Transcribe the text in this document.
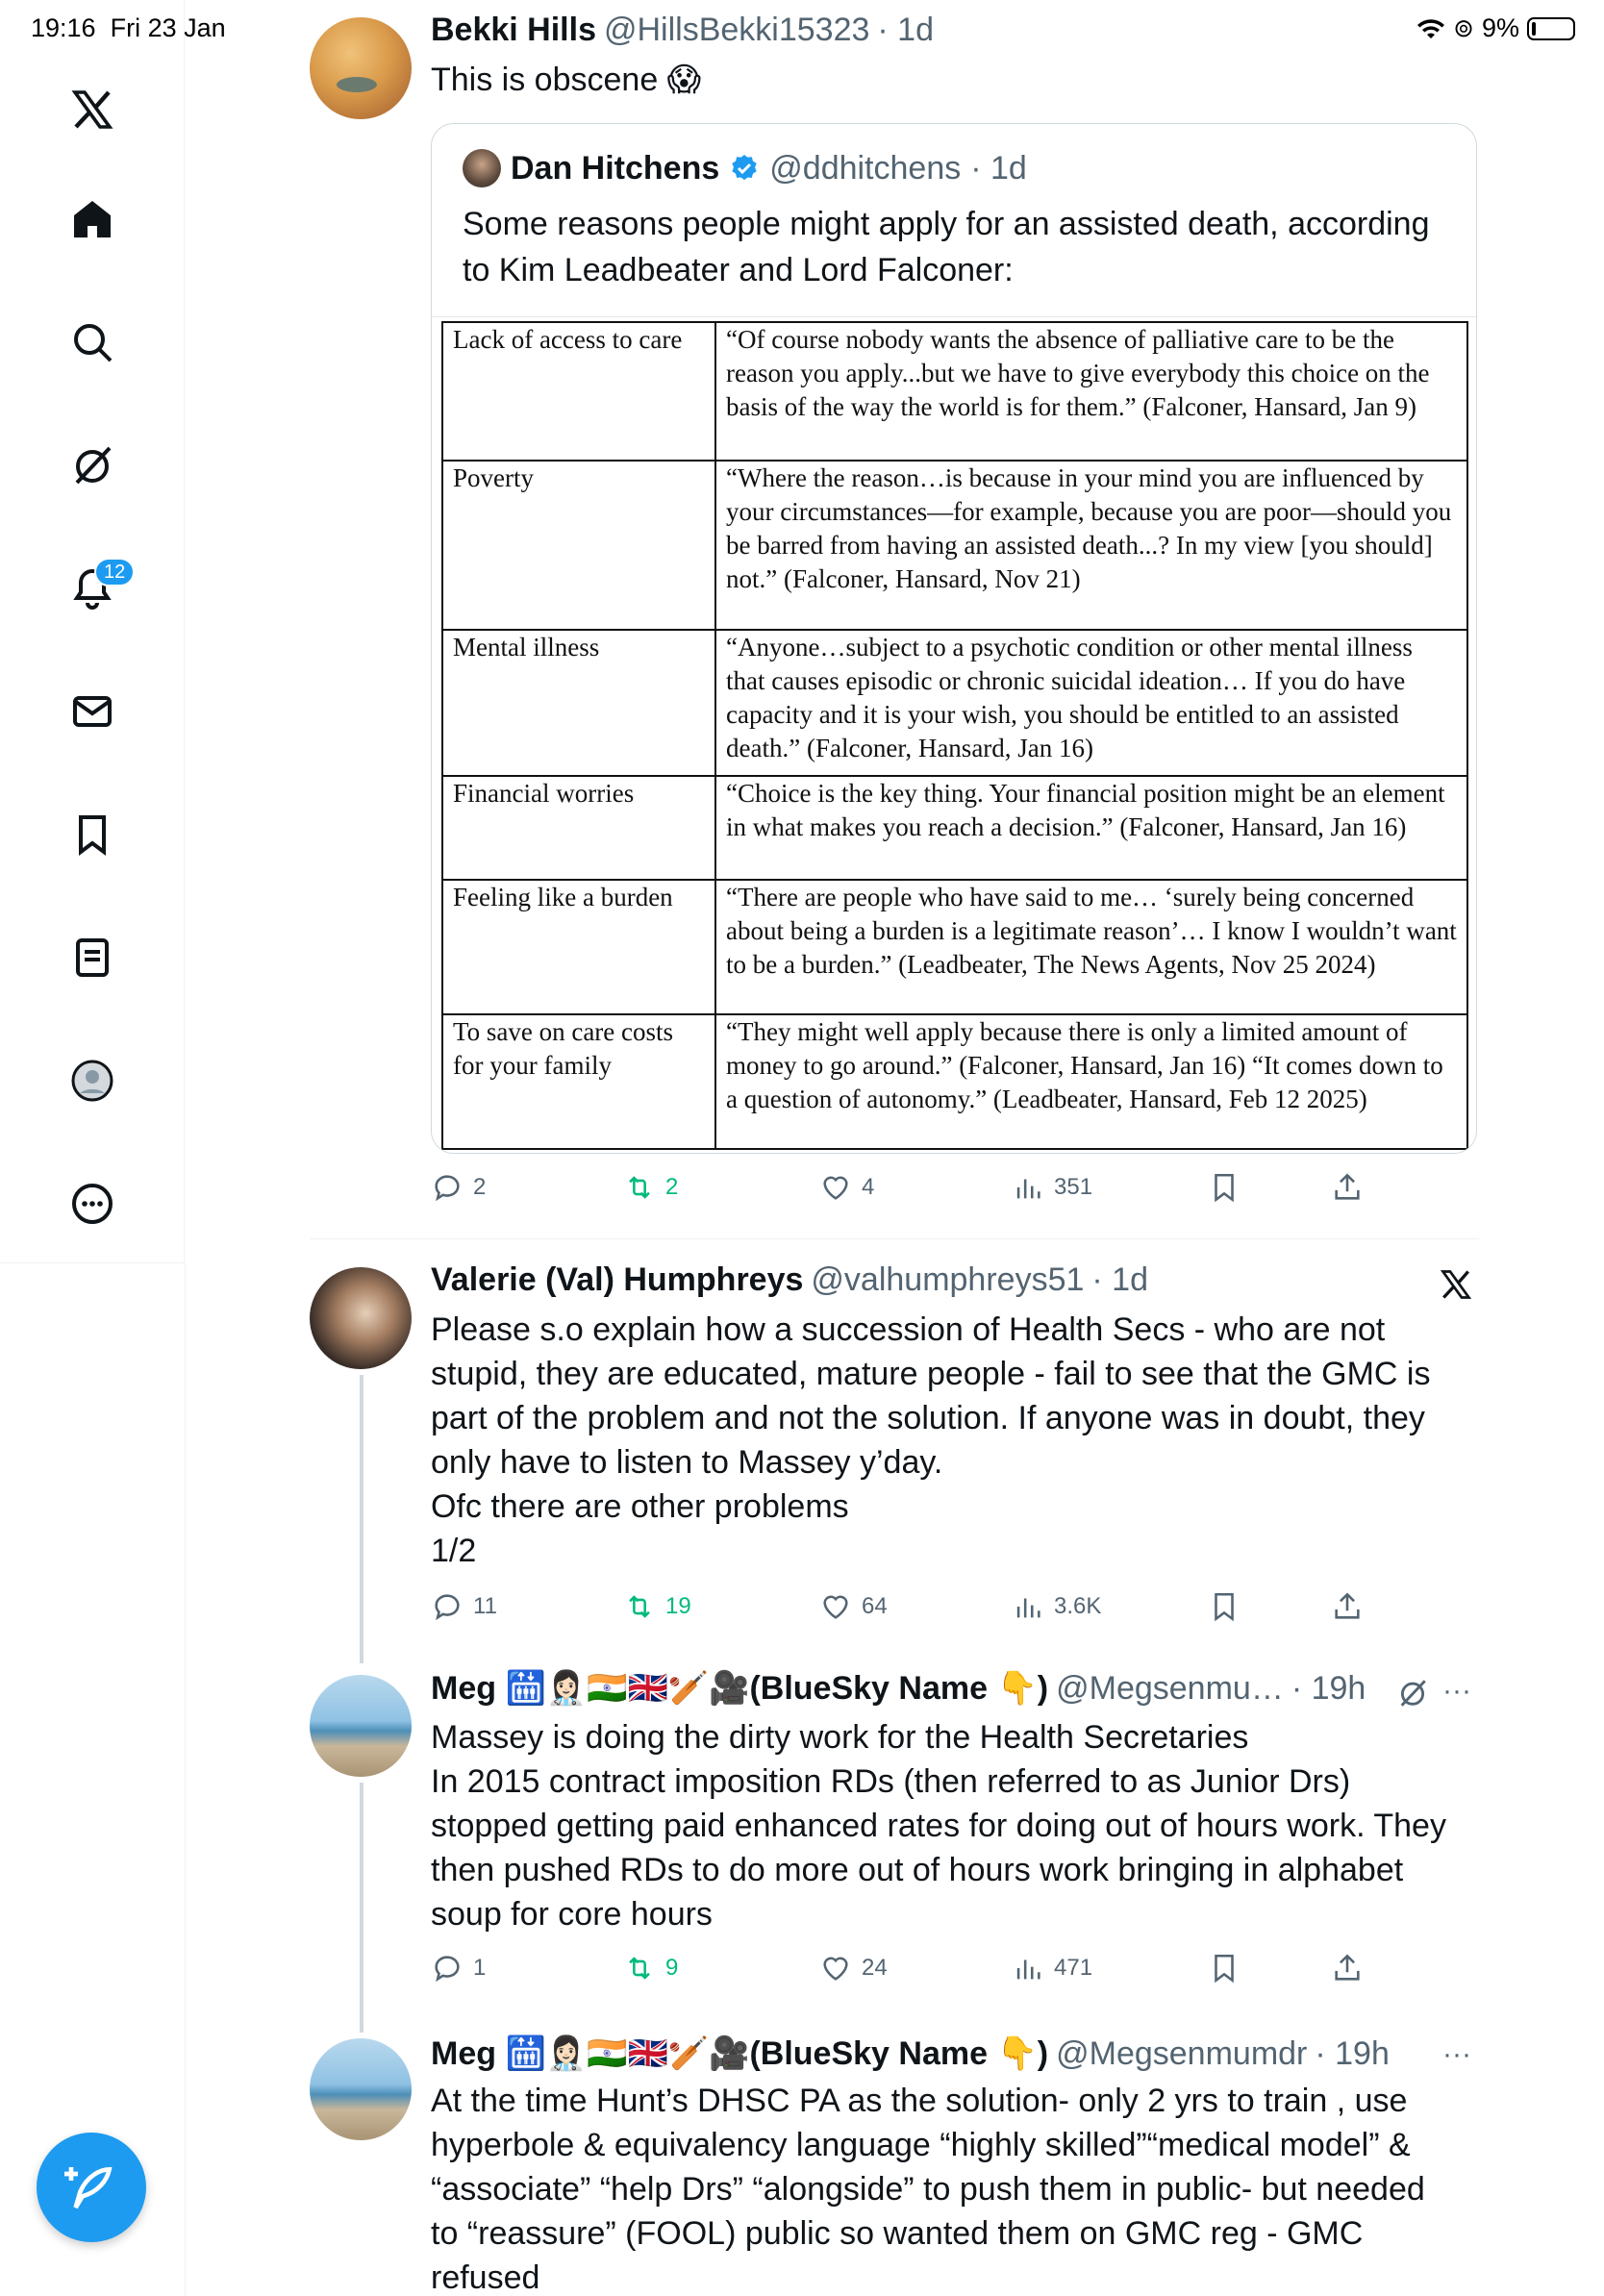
19:16 Fri 23 Jan	⊚ 9%
12
Bekki Hills @HillsBekki15323 · 1d
This is obscene 😱
Dan Hitchens @ddhitchens · 1d
Some reasons people might apply for an assisted death, according to Kim Leadbeater and Lord Falconer:
Lack of access to care	“Of course nobody wants the absence of palliative care to be the reason you apply...but we have to give everybody this choice on the basis of the way the world is for them.” (Falconer, Hansard, Jan 9)
Poverty	“Where the reason…is because in your mind you are influenced by your circumstances—for example, because you are poor—should you be barred from having an assisted death...? In my view [you should] not.” (Falconer, Hansard, Nov 21)
Mental illness	“Anyone…subject to a psychotic condition or other mental illness that causes episodic or chronic suicidal ideation… If you do have capacity and it is your wish, you should be entitled to an assisted death.” (Falconer, Hansard, Jan 16)
Financial worries	“Choice is the key thing. Your financial position might be an element in what makes you reach a decision.” (Falconer, Hansard, Jan 16)
Feeling like a burden	“There are people who have said to me… ‘surely being concerned about being a burden is a legitimate reason’… I know I wouldn’t want to be a burden.” (Leadbeater, The News Agents, Nov 25 2024)
To save on care costs for your family	“They might well apply because there is only a limited amount of money to go around.” (Falconer, Hansard, Jan 16) “It comes down to a question of autonomy.” (Leadbeater, Hansard, Feb 12 2025)
2	2	4	351
Valerie (Val) Humphreys @valhumphreys51 · 1d
Please s.o explain how a succession of Health Secs - who are not
stupid, they are educated, mature people - fail to see that the GMC is
part of the problem and not the solution. If anyone was in doubt, they
only have to listen to Massey y’day.
Ofc there are other problems
1/2
11	19	64	3.6K
Meg 🛗👩🏻‍⚕️🇮🇳🇬🇧🏏🎥(BlueSky Name 👇) @Megsenmu… · 19h	···
Massey is doing the dirty work for the Health Secretaries
In 2015 contract imposition RDs (then referred to as Junior Drs)
stopped getting paid enhanced rates for doing out of hours work. They
then pushed RDs to do more out of hours work bringing in alphabet
soup for core hours
1	9	24	471
Meg 🛗👩🏻‍⚕️🇮🇳🇬🇧🏏🎥(BlueSky Name 👇) @Megsenmumdr · 19h ···
At the time Hunt’s DHSC PA as the solution- only 2 yrs to train , use
hyperbole & equivalency language “highly skilled”“medical model” &
“associate” “help Drs” “alongside” to push them in public- but needed
to “reassure” (FOOL) public so wanted them on GMC reg - GMC
refused
